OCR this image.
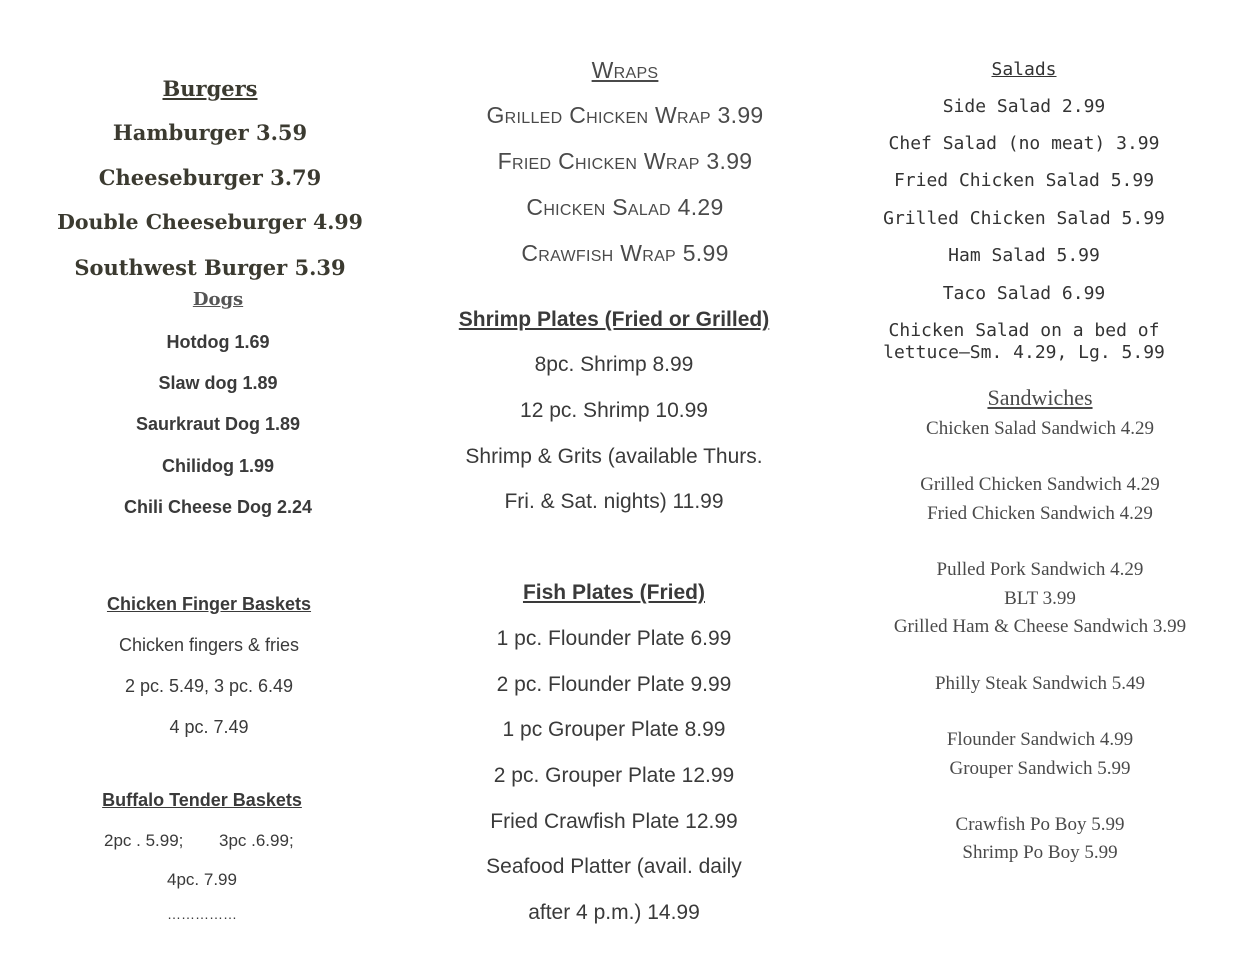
Burgers
Hamburger 3.59
Cheeseburger 3.79
Double Cheeseburger 4.99
Southwest Burger 5.39
Dogs
Hotdog 1.69
Slaw dog 1.89
Saurkraut Dog 1.89
Chilidog 1.99
Chili Cheese Dog 2.24
Chicken Finger Baskets
Chicken fingers & fries
2 pc. 5.49, 3 pc. 6.49
4 pc. 7.49
Buffalo Tender Baskets
2pc . 5.99; 3pc .6.99;
4pc. 7.99
……………
Wraps
Grilled Chicken Wrap 3.99
Fried Chicken Wrap 3.99
Chicken Salad 4.29
Crawfish Wrap 5.99
Shrimp Plates (Fried or Grilled)
8pc. Shrimp 8.99
12 pc. Shrimp 10.99
Shrimp & Grits (available Thurs.
Fri. & Sat. nights) 11.99
Fish Plates (Fried)
1 pc. Flounder Plate 6.99
2 pc. Flounder Plate 9.99
1 pc Grouper Plate 8.99
2 pc. Grouper Plate 12.99
Fried Crawfish Plate 12.99
Seafood Platter (avail. daily
after 4 p.m.) 14.99
Salads
Side Salad 2.99
Chef Salad (no meat) 3.99
Fried Chicken Salad 5.99
Grilled Chicken Salad 5.99
Ham Salad 5.99
Taco Salad 6.99
Chicken Salad on a bed of
lettuce—Sm. 4.29, Lg. 5.99
Sandwiches
Chicken Salad Sandwich 4.29
Grilled Chicken Sandwich 4.29
Fried Chicken Sandwich 4.29
Pulled Pork Sandwich 4.29
BLT 3.99
Grilled Ham & Cheese Sandwich 3.99
Philly Steak Sandwich 5.49
Flounder Sandwich 4.99
Grouper Sandwich 5.99
Crawfish Po Boy 5.99
Shrimp Po Boy 5.99
